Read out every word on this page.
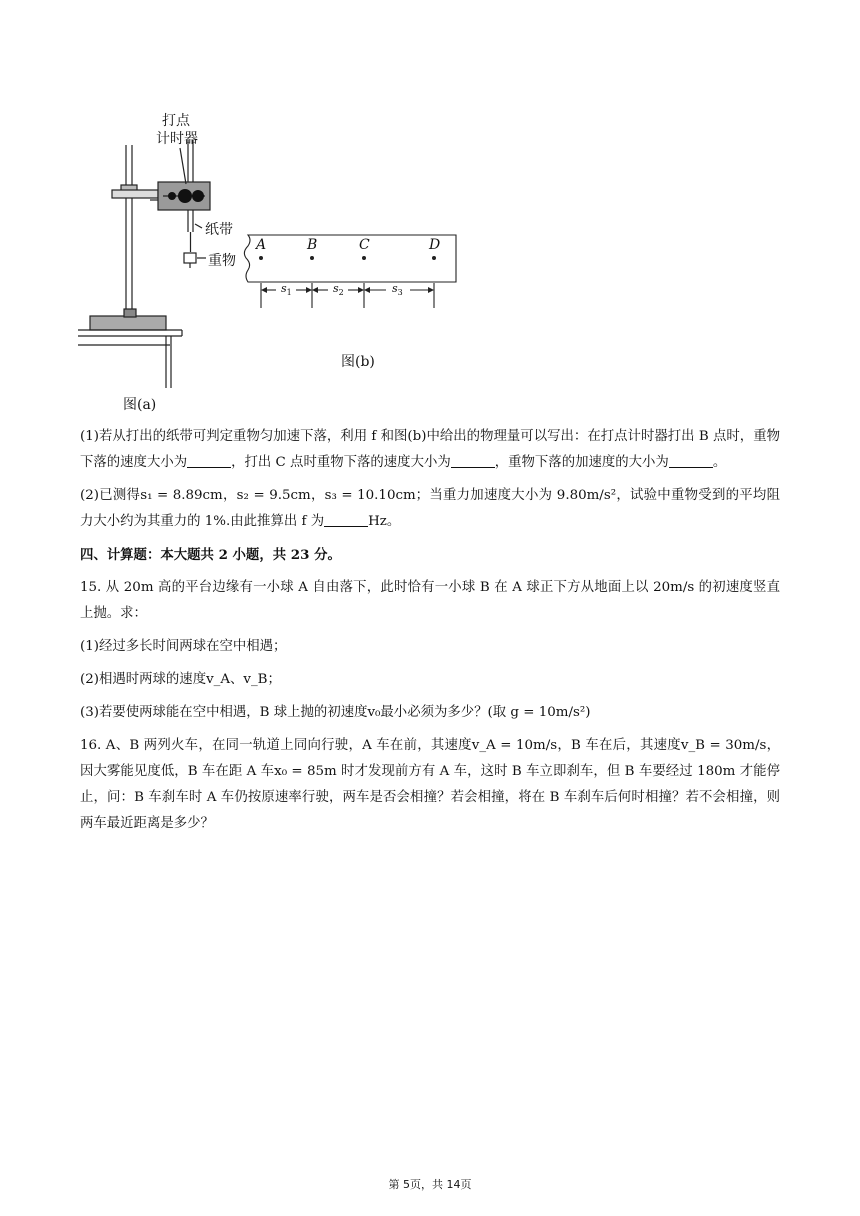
打点
计时器
纸带
重物
A	B	C	D
$s_1$	$s_2$	$s_3$
图(b)
图(a)

(1)若从打出的纸带可判定重物匀加速下落，利用 f 和图(b)中给出的物理量可以写出：在打点计时器打出 B 点时，重物下落的速度大小为	，打出 C 点时重物下落的速度大小为	，重物下落的加速度的大小为	。

(2)已测得s₁ = 8.89cm，s₂ = 9.5cm，s₃ = 10.10cm；当重力加速度大小为 9.80m/s²，试验中重物受到的平均阻力大小约为其重力的 1%.由此推算出 f 为	Hz。

四、计算题：本大题共 2 小题，共 23 分。

15. 从 20m 高的平台边缘有一小球 A 自由落下，此时恰有一小球 B 在 A 球正下方从地面上以 20m/s 的初速度竖直上抛。求：

(1)经过多长时间两球在空中相遇；

(2)相遇时两球的速度v_A、v_B；

(3)若要使两球能在空中相遇，B 球上抛的初速度v₀最小必须为多少？(取 g = 10m/s²)

16. A、B 两列火车，在同一轨道上同向行驶，A 车在前，其速度v_A = 10m/s，B 车在后，其速度v_B = 30m/s，因大雾能见度低，B 车在距 A 车x₀ = 85m 时才发现前方有 A 车，这时 B 车立即刹车，但 B 车要经过 180m 才能停止，问：B 车刹车时 A 车仍按原速率行驶，两车是否会相撞？若会相撞，将在 B 车刹车后何时相撞？若不会相撞，则两车最近距离是多少？

第 5页，共 14页
